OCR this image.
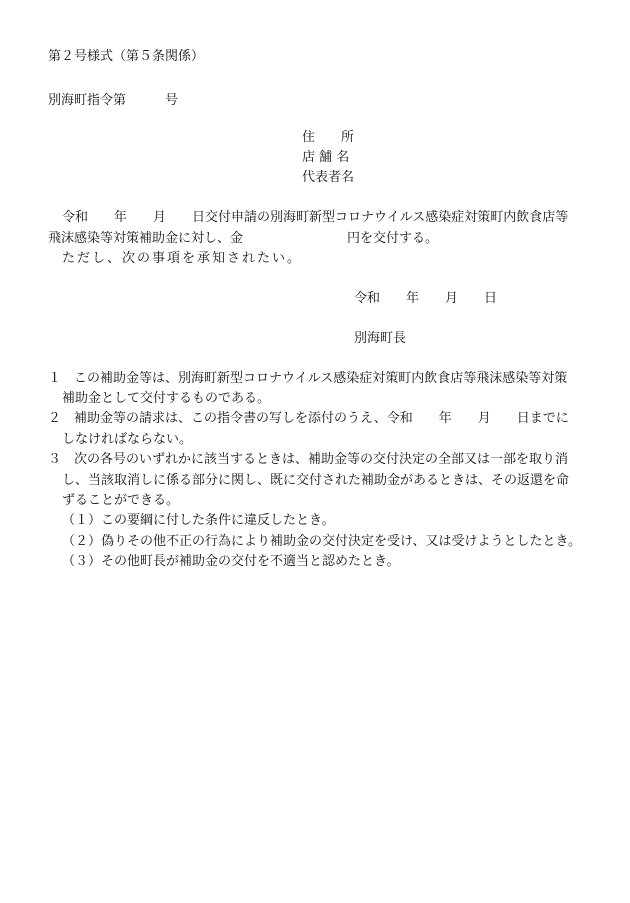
第２号様式（第５条関係）
別海町指令第　　　号
住　　所
店 舗 名
代表者名
令和　　年　　月　　日交付申請の別海町新型コロナウイルス感染症対策町内飲食店等
飛沫感染等対策補助金に対し、金　　　　　　　　円を交付する。
ただし、次の事項を承知されたい。
令和　　年　　月　　日
別海町長
１　この補助金等は、別海町新型コロナウイルス感染症対策町内飲食店等飛沫感染等対策
補助金として交付するものである。
２　補助金等の請求は、この指令書の写しを添付のうえ、令和　　年　　月　　日までに
しなければならない。
３　次の各号のいずれかに該当するときは、補助金等の交付決定の全部又は一部を取り消
し、当該取消しに係る部分に関し、既に交付された補助金があるときは、その返還を命
ずることができる。
（１）この要綱に付した条件に違反したとき。
（２）偽りその他不正の行為により補助金の交付決定を受け、又は受けようとしたとき。
（３）その他町長が補助金の交付を不適当と認めたとき。
